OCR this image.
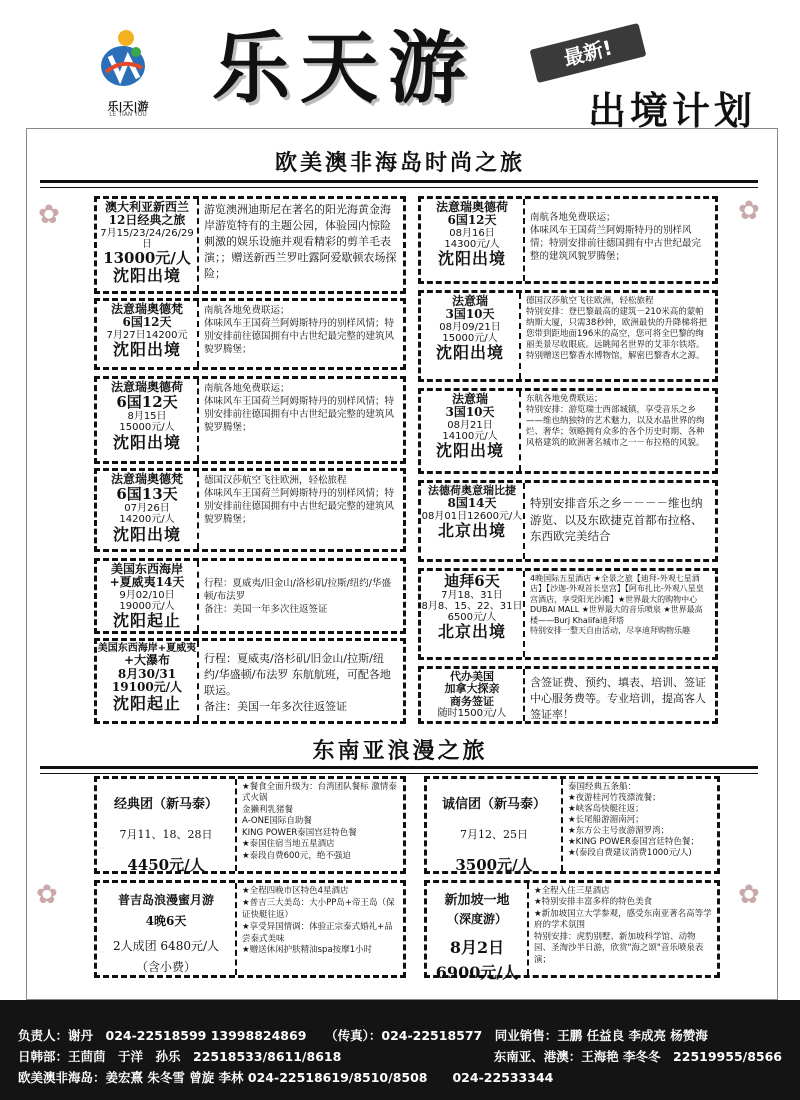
乐|天|游
LE TIAN YOU
乐天游	最新!
出境计划
欧美澳非海岛时尚之旅
✿	✿
澳大利亚新西兰
12日经典之旅
7月15/23/24/26/29日
13000元/人
沈阳出境
游览澳洲迪斯尼在著名的阳光海黄金海岸游览特有的主题公园，体验园内惊险刺激的娱乐设施并观看精彩的剪羊毛表演；；赠送新西兰罗吐露阿爱歇顿农场探险；
法意瑞奥德梵
6国12天
7月27日14200元
沈阳出境
南航各地免费联运；
体味风车王国荷兰阿姆斯特丹的别样风情；特别安排前往德国拥有中古世纪最完整的建筑风貌罗腾堡；
法意瑞奥德荷
6国12天
8月15日
15000元/人
沈阳出境
南航各地免费联运；
体味风车王国荷兰阿姆斯特丹的别样风情；特别安排前往德国拥有中古世纪最完整的建筑风貌罗腾堡；
法意瑞奥德梵
6国13天
07月26日
14200元/人
沈阳出境
德国汉莎航空飞往欧洲，轻松旅程
体味风车王国荷兰阿姆斯特丹的别样风情；特别安排前往德国拥有中古世纪最完整的建筑风貌罗腾堡；
美国东西海岸
+夏威夷14天
9月02/10日
19000元/人
沈阳起止
行程：夏威夷/旧金山/洛杉矶/拉斯/纽约/华盛顿/布法罗
备注：美国一年多次往返签证
美国东西海岸+夏威夷
+大瀑布
8月30/31
19100元/人
沈阳起止
行程：夏威夷/洛杉矶/旧金山/拉斯/纽约/华盛顿/布法罗 东航航班，可配各地联运。
备注：美国一年多次往返签证
法意瑞奥德荷
6国12天
08月16日
14300元/人
沈阳出境
南航各地免费联运；
体味风车王国荷兰阿姆斯特丹的别样风情；特别安排前往德国拥有中古世纪最完整的建筑风貌罗腾堡；
法意瑞
3国10天
08月09/21日
15000元/人
沈阳出境
德国汉莎航空飞往欧洲，轻松旅程
特别安排：登巴黎最高的建筑－210米高的蒙帕纳斯大厦，只需38秒钟，欧洲最快的升降梯将把您带到距地面196米的高空，您可将全巴黎的绚丽美景尽收眼底。远眺闻名世界的艾菲尔铁塔。特别赠送巴黎香水博物馆，解密巴黎香水之源。
法意瑞
3国10天
08月21日
14100元/人
沈阳出境
东航各地免费联运；
特别安排：游览瑞士西部城镇，享受音乐之乡——维也纳独特的艺术魅力，以及水晶世界的绚烂、奢华；领略拥有众多的各个历史时期、各种风格建筑的欧洲著名城市之一－布拉格的风貌。
法德荷奥意瑞比捷
8国14天
08月01日12600元/人
北京出境
特别安排音乐之乡－－－－维也纳游览、以及东欧捷克首都布拉格、东西欧完美结合
迪拜6天
7月18、31日
8月8、15、22、31日
6500元/人
北京出境
4晚国际五星酒店 ★全景之旅【迪拜-外观七星酒店】【沙迦-外观首长皇宫】【阿布扎比-外观八星皇宫酒店，享受阳光沙滩】★世界最大的购物中心DUBAI MALL ★世界最大的音乐喷泉 ★世界最高楼——Burj Khalifa迪拜塔
特别安排一整天自由活动，尽享迪拜购物乐趣
代办美国
加拿大探亲
商务签证
随时1500元/人
含签证费、预约、填表、培训、签证中心服务费等。专业培训，提高客人签证率！
东南亚浪漫之旅
经典团（新马泰）
7月11、18、28日
4450元/人
★餐食全面升级为：台湾团队餐标 激情泰式火锅
金獭利乳猪餐
A-ONE国际自助餐
KING POWER泰国宫廷特色餐
★泰国住宿当地五星酒店
★泰段自费600元，绝不强迫
诚信团（新马泰）
7月12、25日
3500元/人
泰国经典五条船：
★夜游桂河竹筏漂流餐；
★峡客岛快艇往返；
★长尾船游湄南河；
★东方公主号夜游湄罗湾；
★KING POWER泰国宫廷特色餐；
★(泰段自费建议消费1000元/人)
普吉岛浪漫蜜月游
4晚6天
2人成团 6480元/人
（含小费）
★全程四晚市区特色4星酒店
★普吉三大美岛：大小PP岛+帝王岛（保证快艇往返）
★享受异国情调：体验正宗泰式婚礼+品尝泰式美味
★赠送休闲护肤精油spa按摩1小时
新加坡一地
（深度游）
8月2日
6900元/人
★全程入住三星酒店
★特别安排丰富多样的特色美食
★新加坡国立大学参观，感受东南亚著名高等学府的学术氛围
特别安排：虎豹别墅、新加坡科学馆、动物园、圣淘沙半日游，欣赏"海之颂"音乐喷泉表演；
✿	✿
负责人：谢丹　024-22518599 13998824869　　（传真）：024-22518577　同业销售：王鹏 任益良 李成亮 杨赞海
日韩部：王茴茴　于洋　孙乐　22518533/8611/8618	东南亚、港澳：王海艳 李冬冬　22519955/8566
欧美澳非海岛：姜宏熹 朱冬雪 曾旋 李林 024-22518619/8510/8508　　024-22533344
